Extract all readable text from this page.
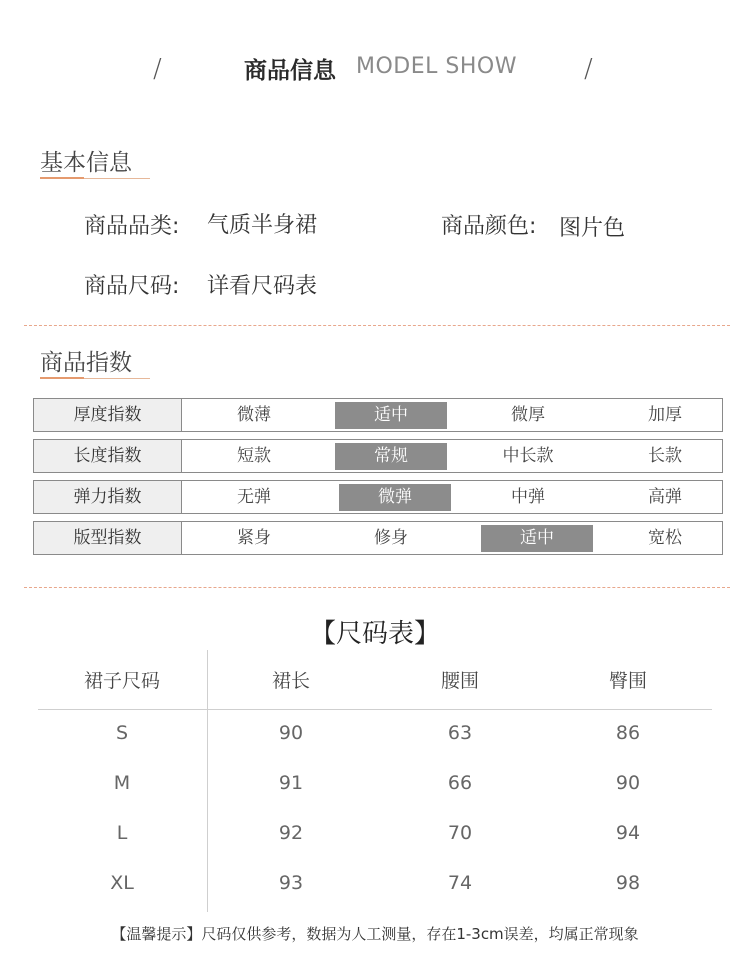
/	商品信息 MODEL SHOW	/
基本信息
商品品类: 气质半身裙	商品颜色: 图片色
商品尺码: 详看尺码表
商品指数
厚度指数	微薄	适中	微厚	加厚
长度指数	短款	常规	中长款	长款
弹力指数	无弹	微弹	中弹	高弹
版型指数	紧身	修身	适中	宽松
【尺码表】
裙子尺码	裙长	腰围	臀围
S	90	63	86
M	91	66	90
L	92	70	94
XL	93	74	98
【温馨提示】尺码仅供参考，数据为人工测量，存在1-3cm误差，均属正常现象
